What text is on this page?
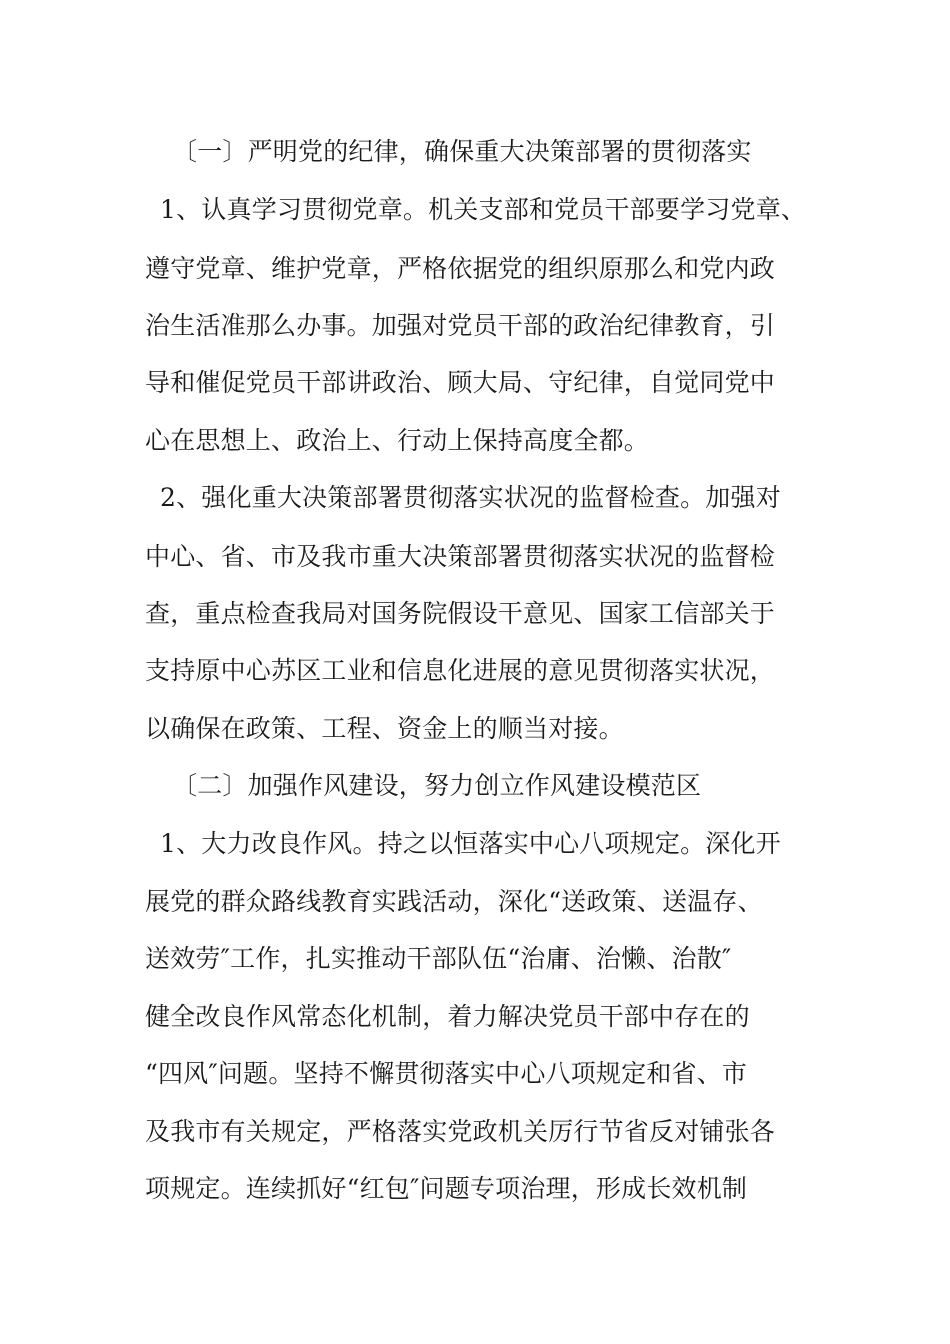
〔一〕严明党的纪律，确保重大决策部署的贯彻落实
1、认真学习贯彻党章。机关支部和党员干部要学习党章、
遵守党章、维护党章，严格依据党的组织原那么和党内政
治生活准那么办事。加强对党员干部的政治纪律教育，引
导和催促党员干部讲政治、顾大局、守纪律，自觉同党中
心在思想上、政治上、行动上保持高度全都。
2、强化重大决策部署贯彻落实状况的监督检查。加强对
中心、省、市及我市重大决策部署贯彻落实状况的监督检
查，重点检查我局对国务院假设干意见、国家工信部关于
支持原中心苏区工业和信息化进展的意见贯彻落实状况，
以确保在政策、工程、资金上的顺当对接。
〔二〕加强作风建设，努力创立作风建设模范区
1、大力改良作风。持之以恒落实中心八项规定。深化开
展党的群众路线教育实践活动，深化“送政策、送温存、
送效劳″工作，扎实推动干部队伍“治庸、治懒、治散″
健全改良作风常态化机制，着力解决党员干部中存在的
“四风″问题。坚持不懈贯彻落实中心八项规定和省、市
及我市有关规定，严格落实党政机关厉行节省反对铺张各
项规定。连续抓好“红包″问题专项治理，形成长效机制
